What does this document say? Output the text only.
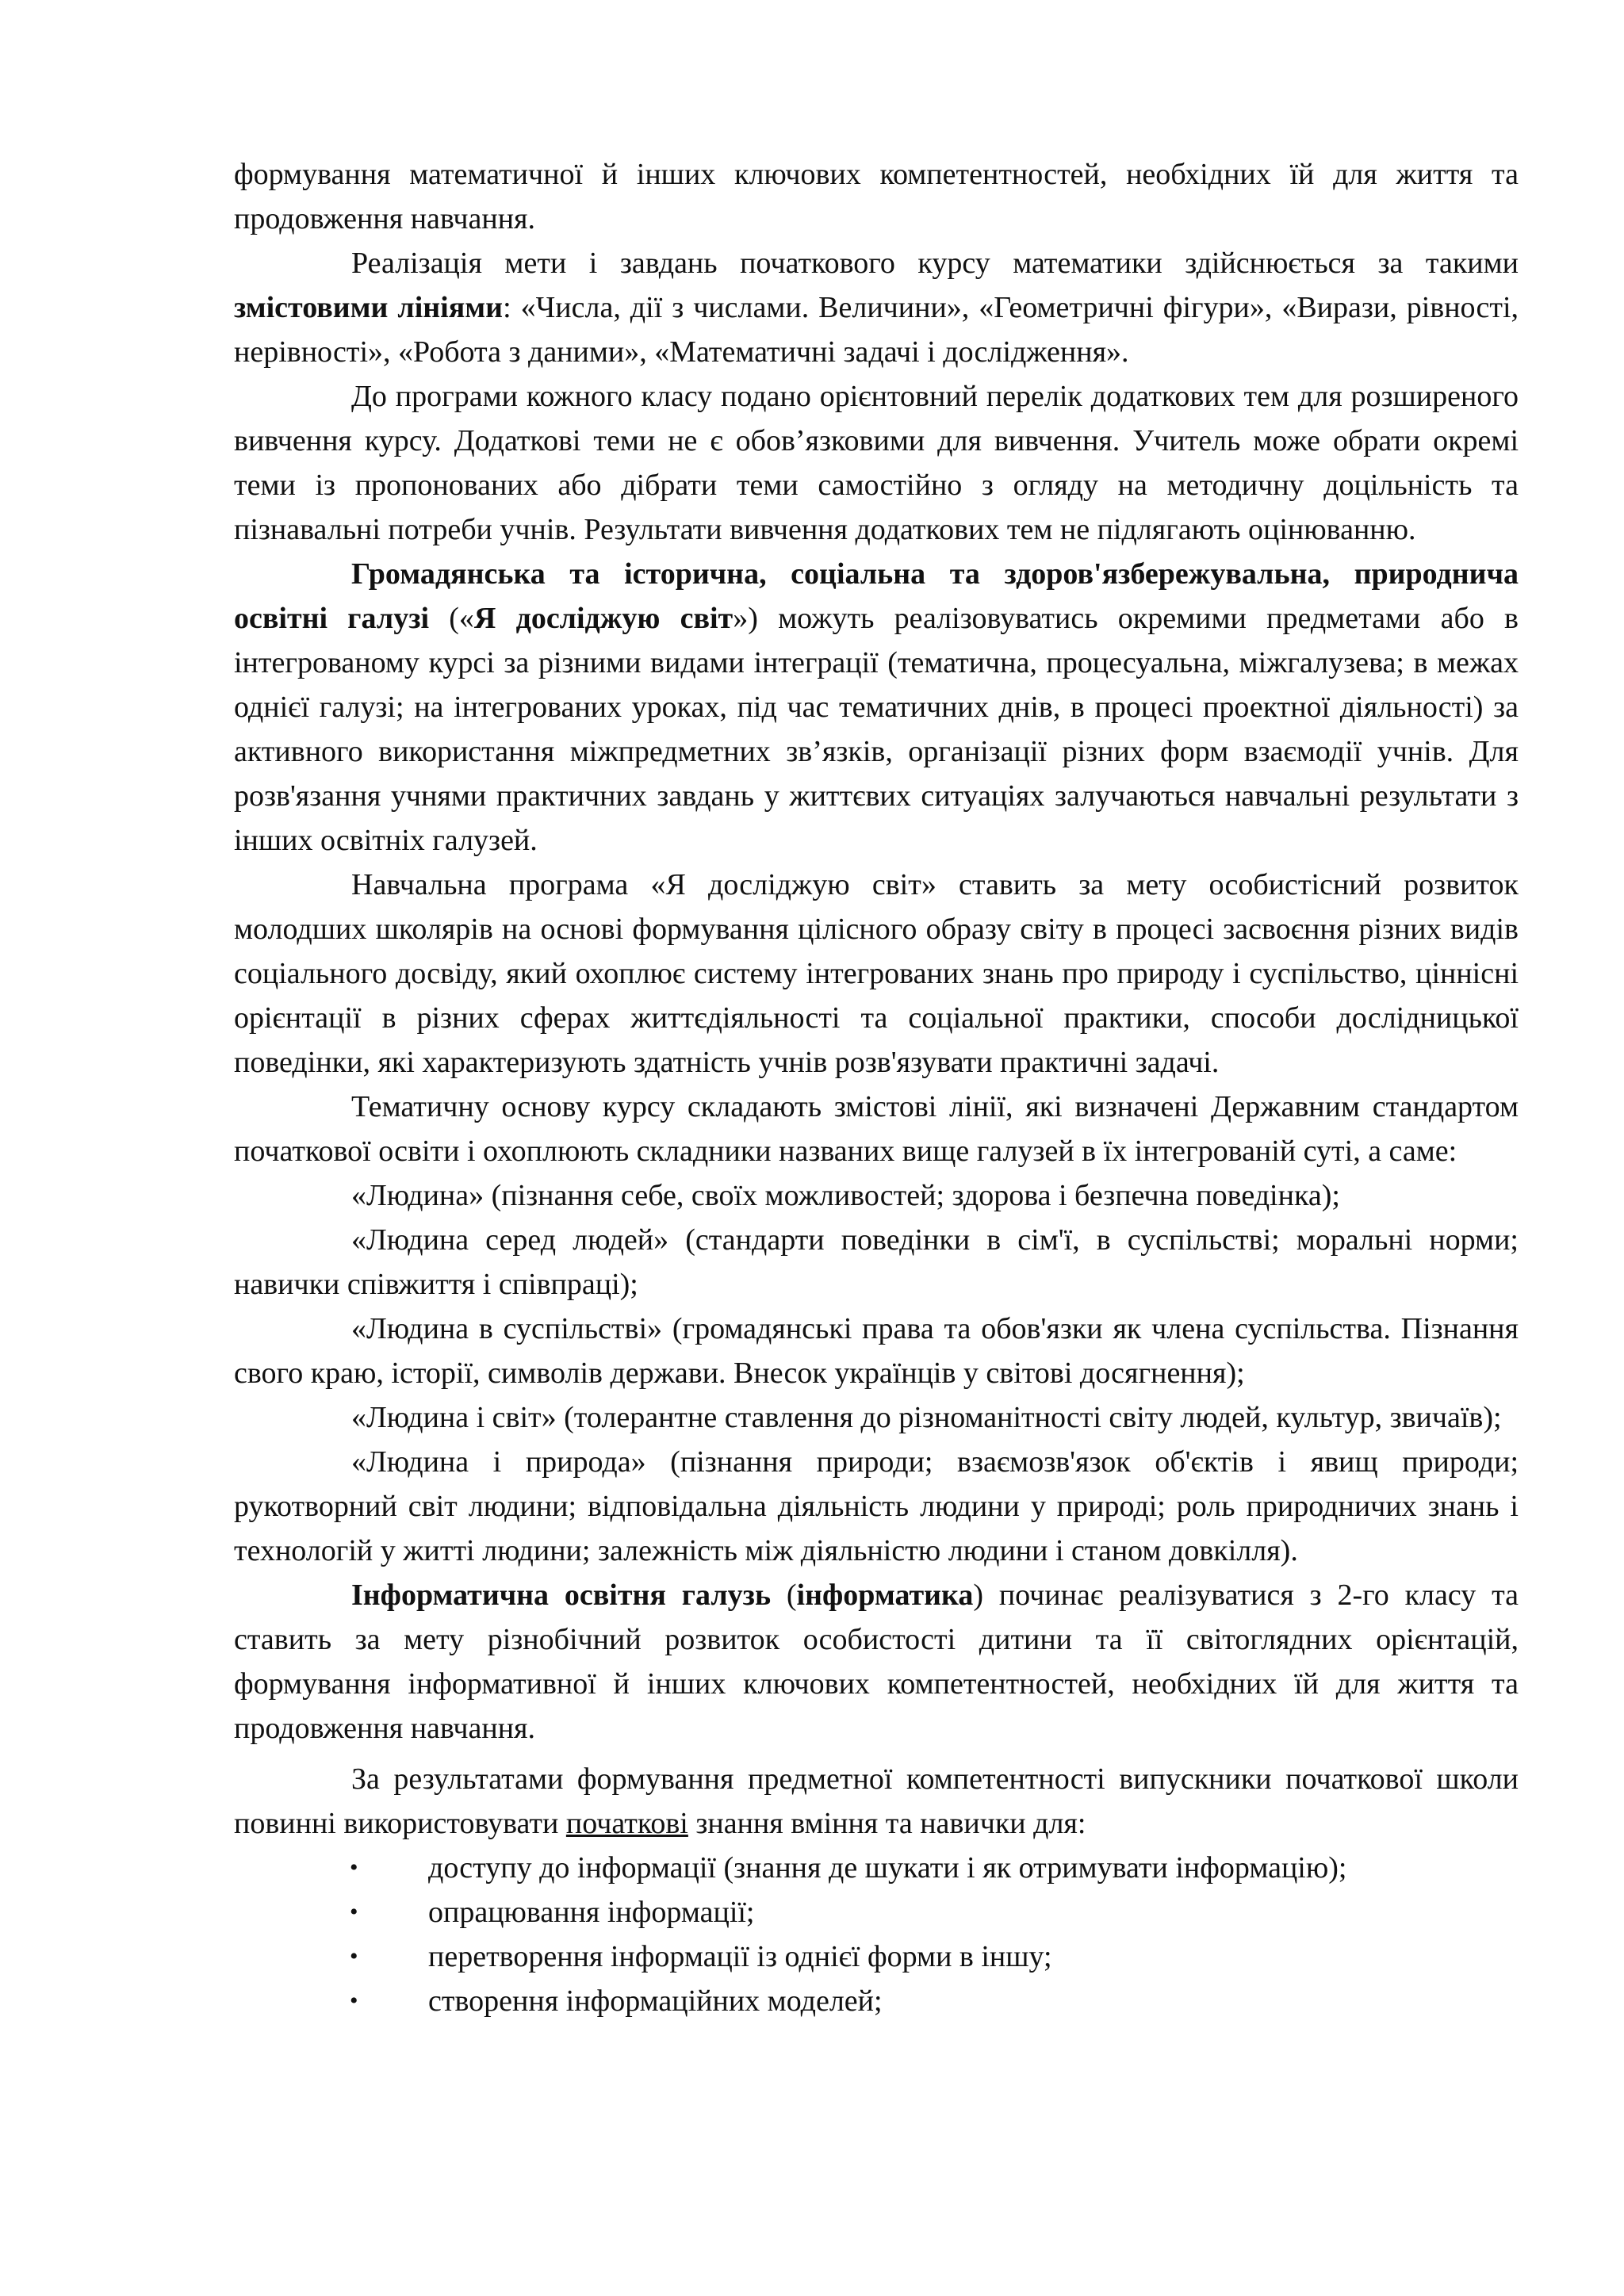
формування математичної й інших ключових компетентностей, необхідних їй для життя та продовження навчання.

Реалізація мети і завдань початкового курсу математики здійснюється за такими змістовими лініями: «Числа, дії з числами. Величини», «Геометричні фігури», «Вирази, рівності, нерівності», «Робота з даними», «Математичні задачі і дослідження».

До програми кожного класу подано орієнтовний перелік додаткових тем для розширеного вивчення курсу. Додаткові теми не є обов’язковими для вивчення. Учитель може обрати окремі теми із пропонованих або дібрати теми самостійно з огляду на методичну доцільність та пізнавальні потреби учнів. Результати вивчення додаткових тем не підлягають оцінюванню.

Громадянська та історична, соціальна та здоров'язбережувальна, природнича освітні галузі («Я досліджую світ») можуть реалізовуватись окремими предметами або в інтегрованому курсі за різними видами інтеграції (тематична, процесуальна, міжгалузева; в межах однієї галузі; на інтегрованих уроках, під час тематичних днів, в процесі проектної діяльності) за активного використання міжпредметних зв’язків, організації різних форм взаємодії учнів. Для розв'язання учнями практичних завдань у життєвих ситуаціях залучаються навчальні результати з інших освітніх галузей.

Навчальна програма «Я досліджую світ» ставить за мету особистісний розвиток молодших школярів на основі формування цілісного образу світу в процесі засвоєння різних видів соціального досвіду, який охоплює систему інтегрованих знань про природу і суспільство, ціннісні орієнтації в різних сферах життєдіяльності та соціальної практики, способи дослідницької поведінки, які характеризують здатність учнів розв'язувати практичні задачі.

Тематичну основу курсу складають змістові лінії, які визначені Державним стандартом початкової освіти і охоплюють складники названих вище галузей в їх інтегрованій суті, а саме:

«Людина» (пізнання себе, своїх можливостей; здорова і безпечна поведінка);

«Людина серед людей» (стандарти поведінки в сім'ї, в суспільстві; моральні норми; навички співжиття і співпраці);

«Людина в суспільстві» (громадянські права та обов'язки як члена суспільства. Пізнання свого краю, історії, символів держави. Внесок українців у світові досягнення);

«Людина і світ» (толерантне ставлення до різноманітності світу людей, культур, звичаїв);

«Людина і природа» (пізнання природи; взаємозв'язок об'єктів і явищ природи; рукотворний світ людини; відповідальна діяльність людини у природі; роль природничих знань і технологій у житті людини; залежність між діяльністю людини і станом довкілля).

Інформатична освітня галузь (інформатика) починає реалізуватися з 2-го класу та ставить за мету різнобічний розвиток особистості дитини та її світоглядних орієнтацій, формування інформативної й інших ключових компетентностей, необхідних їй для життя та продовження навчання.

За результатами формування предметної компетентності випускники початкової школи повинні використовувати початкові знання вміння та навички для:

• доступу до інформації (знання де шукати і як отримувати інформацію);
• опрацювання інформації;
• перетворення інформації із однієї форми в іншу;
• створення інформаційних моделей;
